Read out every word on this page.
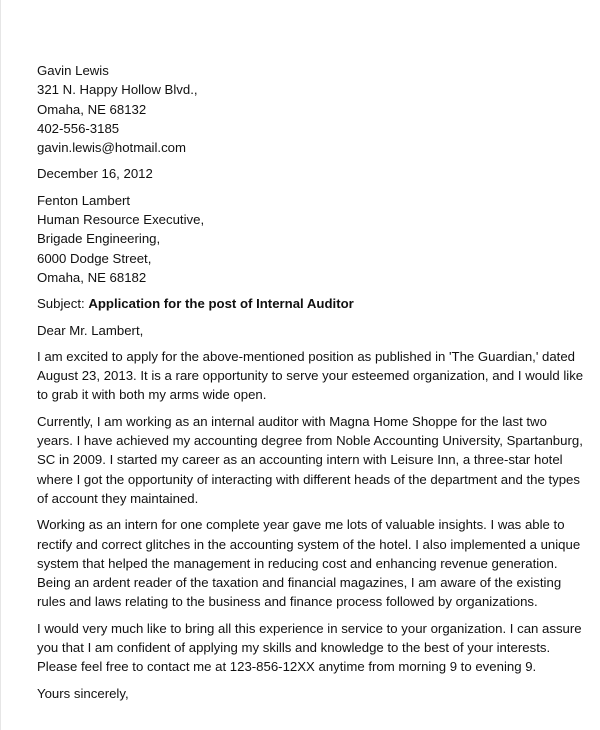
Gavin Lewis
321 N. Happy Hollow Blvd.,
Omaha, NE 68132
402-556-3185
gavin.lewis@hotmail.com
December 16, 2012
Fenton Lambert
Human Resource Executive,
Brigade Engineering,
6000 Dodge Street,
Omaha, NE 68182
Subject: Application for the post of Internal Auditor
Dear Mr. Lambert,
I am excited to apply for the above-mentioned position as published in 'The Guardian,' dated
August 23, 2013. It is a rare opportunity to serve your esteemed organization, and I would like
to grab it with both my arms wide open.
Currently, I am working as an internal auditor with Magna Home Shoppe for the last two
years. I have achieved my accounting degree from Noble Accounting University, Spartanburg,
SC in 2009. I started my career as an accounting intern with Leisure Inn, a three-star hotel
where I got the opportunity of interacting with different heads of the department and the types
of account they maintained.
Working as an intern for one complete year gave me lots of valuable insights. I was able to
rectify and correct glitches in the accounting system of the hotel. I also implemented a unique
system that helped the management in reducing cost and enhancing revenue generation.
Being an ardent reader of the taxation and financial magazines, I am aware of the existing
rules and laws relating to the business and finance process followed by organizations.
I would very much like to bring all this experience in service to your organization. I can assure
you that I am confident of applying my skills and knowledge to the best of your interests.
Please feel free to contact me at 123-856-12XX anytime from morning 9 to evening 9.
Yours sincerely,
